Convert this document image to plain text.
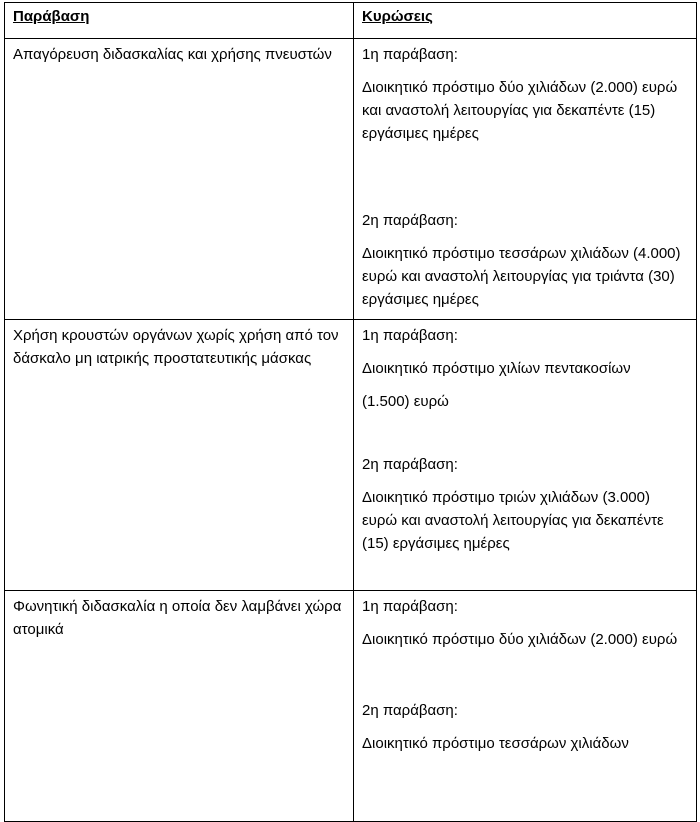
Παράβαση	Κυρώσεις
Απαγόρευση διδασκαλίας και χρήσης πνευστών	1η παράβαση:

Διοικητικό πρόστιμο δύο χιλιάδων (2.000) ευρώ και αναστολή λειτουργίας για δεκαπέντε (15) εργάσιμες ημέρες

2η παράβαση:

Διοικητικό πρόστιμο τεσσάρων χιλιάδων (4.000) ευρώ και αναστολή λειτουργίας για τριάντα (30) εργάσιμες ημέρες

Χρήση κρουστών οργάνων χωρίς χρήση από τον δάσκαλο μη ιατρικής προστατευτικής μάσκας	1η παράβαση:

Διοικητικό πρόστιμο χιλίων πεντακοσίων

(1.500) ευρώ

2η παράβαση:

Διοικητικό πρόστιμο τριών χιλιάδων (3.000) ευρώ και αναστολή λειτουργίας για δεκαπέντε (15) εργάσιμες ημέρες

Φωνητική διδασκαλία η οποία δεν λαμβάνει χώρα ατομικά	1η παράβαση:

Διοικητικό πρόστιμο δύο χιλιάδων (2.000) ευρώ

2η παράβαση:

Διοικητικό πρόστιμο τεσσάρων χιλιάδων
